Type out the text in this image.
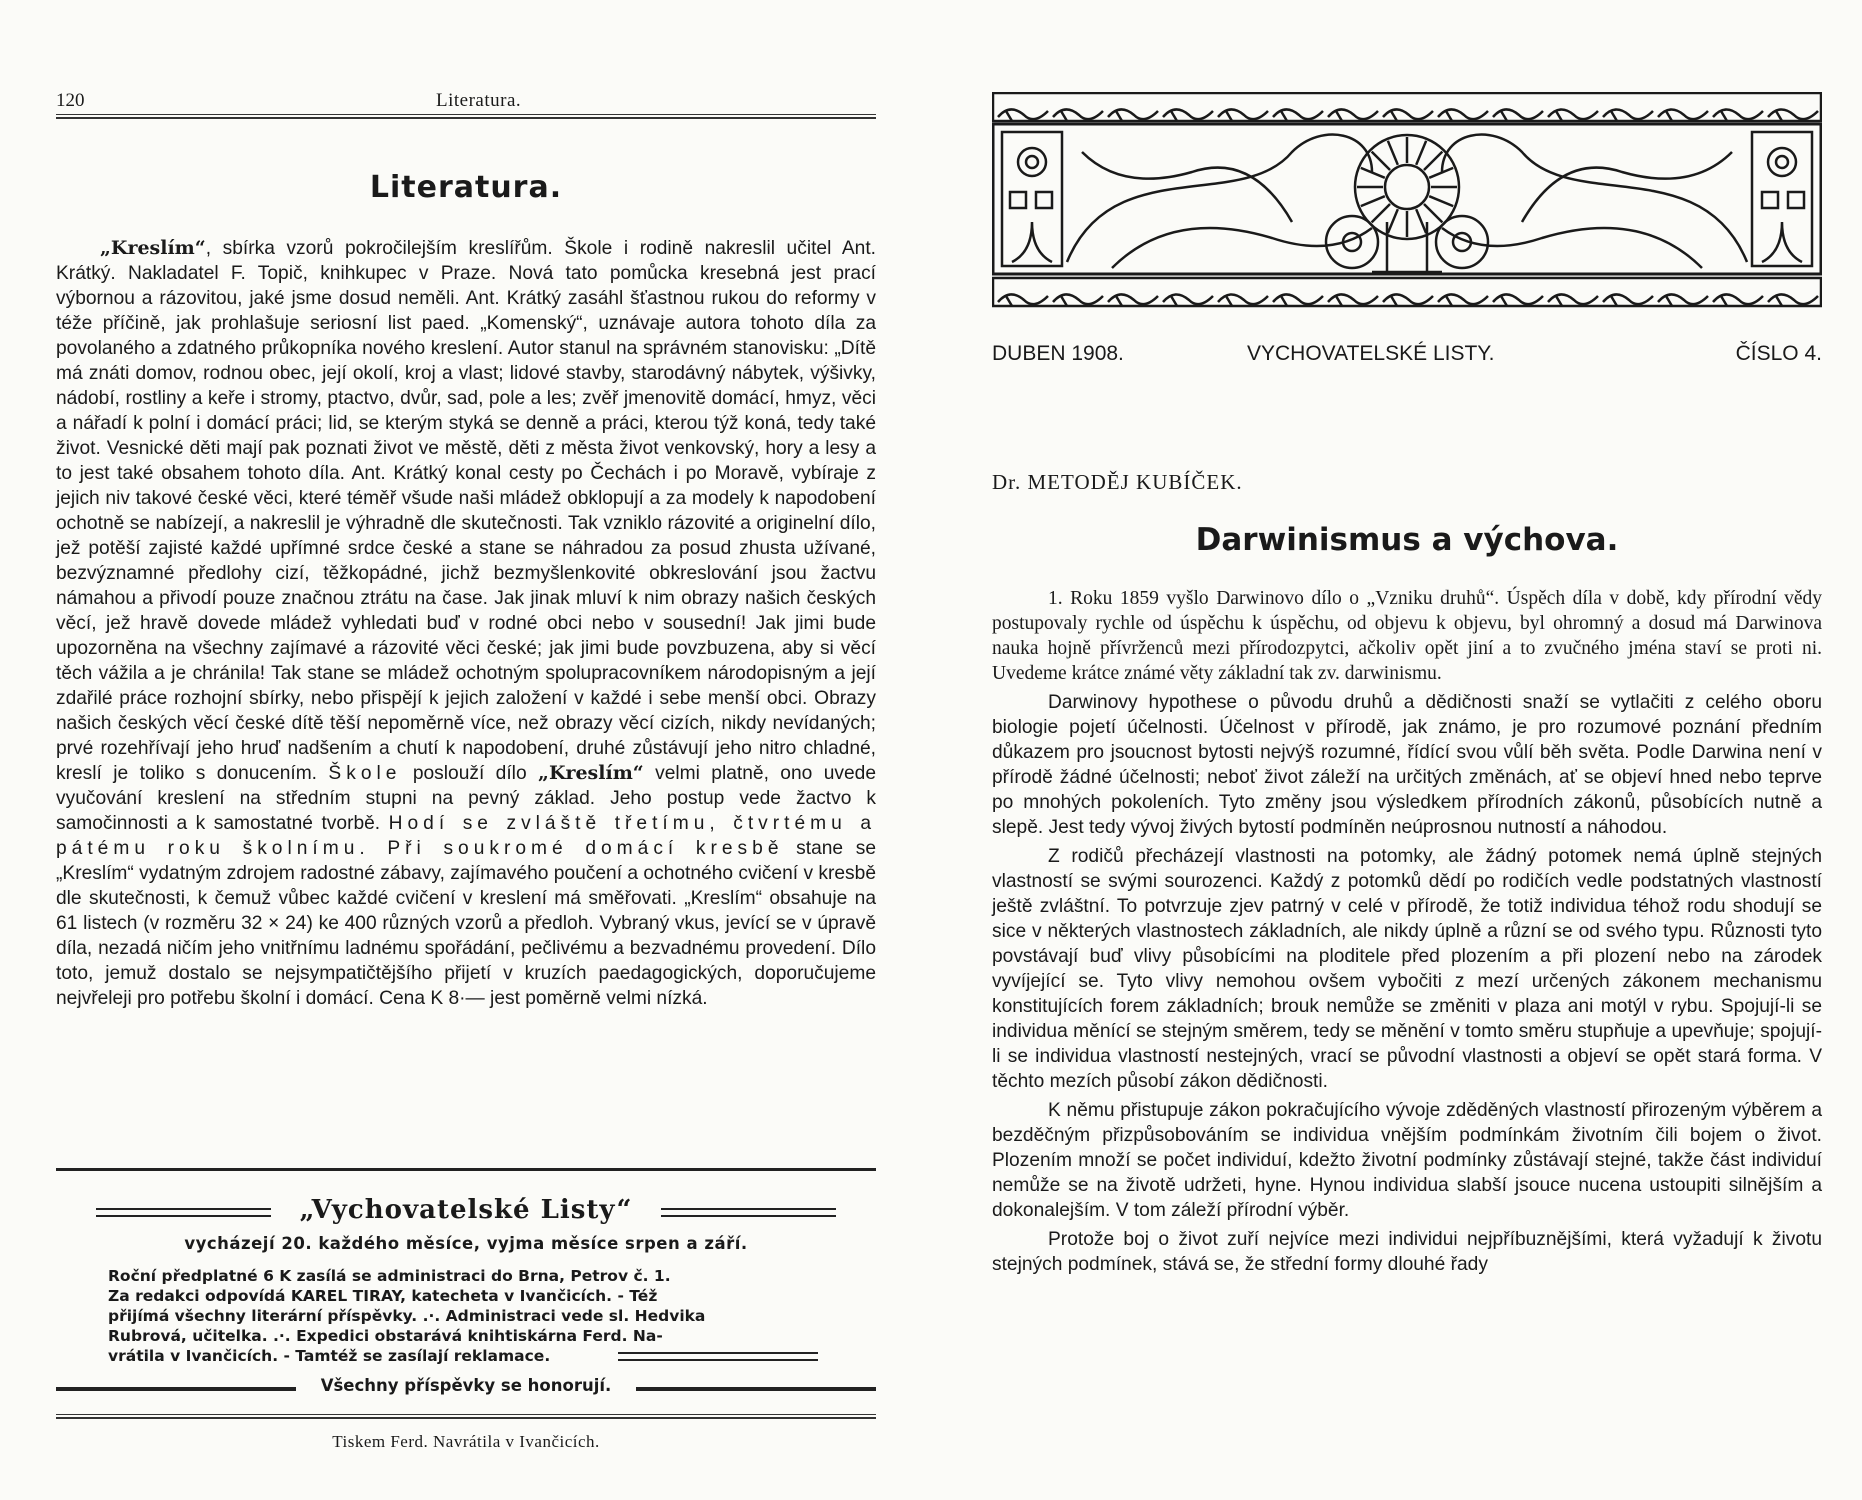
120	Literatura.
Literatura.
„Kreslím“, sbírka vzorů pokročilejším kreslířům. Škole i rodině nakreslil učitel Ant. Krátký. Nakladatel F. Topič, knihkupec v Praze. Nová tato pomůcka kresebná jest prací výbornou a rázovitou, jaké jsme dosud neměli. Ant. Krátký zasáhl šťastnou rukou do reformy v téže příčině, jak prohlašuje seriosní list paed. „Komenský“, uznávaje autora tohoto díla za povolaného a zdatného průkopníka nového kreslení. Autor stanul na správném stanovisku: „Dítě má znáti domov, rodnou obec, její okolí, kroj a vlast; lidové stavby, starodávný nábytek, výšivky, nádobí, rostliny a keře i stromy, ptactvo, dvůr, sad, pole a les; zvěř jmenovitě domácí, hmyz, věci a nářadí k polní i domácí práci; lid, se kterým styká se denně a práci, kterou týž koná, tedy také život. Vesnické děti mají pak poznati život ve městě, děti z města život venkovský, hory a lesy a to jest také obsahem tohoto díla. Ant. Krátký konal cesty po Čechách i po Moravě, vybíraje z jejich niv takové české věci, které téměř všude naši mládež obklopují a za modely k napodobení ochotně se nabízejí, a nakreslil je výhradně dle skutečnosti. Tak vzniklo rázovité a originelní dílo, jež potěší zajisté každé upřímné srdce české a stane se náhradou za posud zhusta užívané, bezvýznamné předlohy cizí, těžkopádné, jichž bezmyšlenkovité obkreslování jsou žactvu námahou a přivodí pouze značnou ztrátu na čase. Jak jinak mluví k nim obrazy našich českých věcí, jež hravě dovede mládež vyhledati buď v rodné obci nebo v sousední! Jak jimi bude upozorněna na všechny zajímavé a rázovité věci české; jak jimi bude povzbuzena, aby si věcí těch vážila a je chránila! Tak stane se mládež ochotným spolupracovníkem národopisným a její zdařilé práce rozhojní sbírky, nebo přispějí k jejich založení v každé i sebe menší obci. Obrazy našich českých věcí české dítě těší nepoměrně více, než obrazy věcí cizích, nikdy nevídaných; prvé rozehřívají jeho hruď nadšením a chutí k napodobení, druhé zůstávují jeho nitro chladné, kreslí je toliko s donucením. Škole poslouží dílo „Kreslím“ velmi platně, ono uvede vyučování kreslení na středním stupni na pevný základ. Jeho postup vede žactvo k samočinnosti a k samostatné tvorbě. Hodí se zvláště třetímu, čtvrtému a pátému roku školnímu. Při soukromé domácí kresbě stane se „Kreslím“ vydatným zdrojem radostné zábavy, zajímavého poučení a ochotného cvičení v kresbě dle skutečnosti, k čemuž vůbec každé cvičení v kreslení má směřovati. „Kreslím“ obsahuje na 61 listech (v rozměru 32 × 24) ke 400 různých vzorů a předloh. Vybraný vkus, jevící se v úpravě díla, nezadá ničím jeho vnitřnímu ladnému spořádání, pečlivému a bezvadnému provedení. Dílo toto, jemuž dostalo se nejsympatičtějšího přijetí v kruzích paedagogických, doporučujeme nejvřeleji pro potřebu školní i domácí. Cena K 8·— jest poměrně velmi nízká.
„Vychovatelské Listy“
vycházejí 20. každého měsíce, vyjma měsíce srpen a září.
Roční předplatné 6 K zasílá se administraci do Brna, Petrov č. 1.
Za redakci odpovídá KAREL TIRAY, katecheta v Ivančicích. - Též
přijímá všechny literární příspěvky. .·. Administraci vede sl. Hedvika
Rubrová, učitelka. .·. Expedici obstarává knihtiskárna Ferd. Na-
vrátila v Ivančicích. - Tamtéž se zasílají reklamace.
Všechny příspěvky se honorují.
Tiskem Ferd. Navrátila v Ivančicích.
DUBEN 1908.	VYCHOVATELSKÉ LISTY.	ČÍSLO 4.
Dr. METODĚJ KUBÍČEK.
Darwinismus a výchova.

1. Roku 1859 vyšlo Darwinovo dílo o „Vzniku druhů“. Úspěch díla v době, kdy přírodní vědy postupovaly rychle od úspěchu k úspěchu, od objevu k objevu, byl ohromný a dosud má Darwinova nauka hojně přívrženců mezi přírodozpytci, ačkoliv opět jiní a to zvučného jména staví se proti ni. Uvedeme krátce známé věty základní tak zv. darwinismu.

Darwinovy hypothese o původu druhů a dědičnosti snaží se vytlačiti z celého oboru biologie pojetí účelnosti. Účelnost v přírodě, jak známo, je pro rozumové poznání předním důkazem pro jsoucnost bytosti nejvýš rozumné, řídící svou vůlí běh světa. Podle Darwina není v přírodě žádné účelnosti; neboť život záleží na určitých změnách, ať se objeví hned nebo teprve po mnohých pokoleních. Tyto změny jsou výsledkem přírodních zákonů, působících nutně a slepě. Jest tedy vývoj živých bytostí podmíněn neúprosnou nutností a náhodou.

Z rodičů přecházejí vlastnosti na potomky, ale žádný potomek nemá úplně stejných vlastností se svými sourozenci. Každý z potomků dědí po rodičích vedle podstatných vlastností ještě zvláštní. To potvrzuje zjev patrný v celé v přírodě, že totiž individua téhož rodu shodují se sice v některých vlastnostech základních, ale nikdy úplně a různí se od svého typu. Různosti tyto povstávají buď vlivy působícími na ploditele před plozením a při plození nebo na zárodek vyvíjející se. Tyto vlivy nemohou ovšem vybočiti z mezí určených zákonem mechanismu konstitujících forem základních; brouk nemůže se změniti v plaza ani motýl v rybu. Spojují-li se individua měnící se stejným směrem, tedy se měnění v tomto směru stupňuje a upevňuje; spojují-li se individua vlastností nestejných, vrací se původní vlastnosti a objeví se opět stará forma. V těchto mezích působí zákon dědičnosti.

K němu přistupuje zákon pokračujícího vývoje zděděných vlastností přirozeným výběrem a bezděčným přizpůsobováním se individua vnějším podmínkám životním čili bojem o život. Plozením množí se počet individuí, kdežto životní podmínky zůstávají stejné, takže část individuí nemůže se na životě udržeti, hyne. Hynou individua slabší jsouce nucena ustoupiti silnějším a dokonalejším. V tom záleží přírodní výběr.

Protože boj o život zuří nejvíce mezi individui nejpříbuznějšími, která vyžadují k životu stejných podmínek, stává se, že střední formy dlouhé řady
